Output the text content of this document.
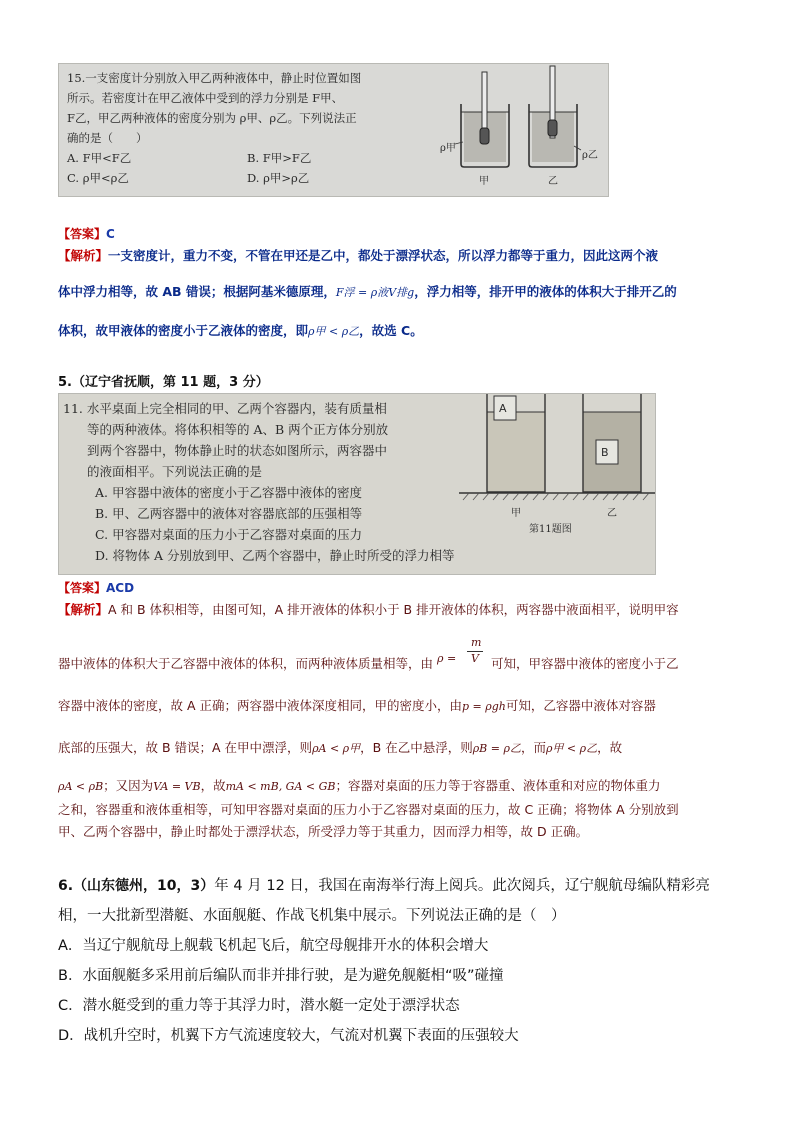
15.一支密度计分别放入甲乙两种液体中，静止时位置如图
所示。若密度计在甲乙液体中受到的浮力分别是 F甲、
F乙，甲乙两种液体的密度分别为 ρ甲、ρ乙。下列说法正
确的是（　　）
A. F甲<F乙	B. F甲>F乙
C. ρ甲<ρ乙	D. ρ甲>ρ乙
ρ甲
ρ乙
甲	乙
【答案】C
【解析】一支密度计，重力不变，不管在甲还是乙中，都处于漂浮状态，所以浮力都等于重力，因此这两个液
体中浮力相等，故 AB 错误；根据阿基米德原理，F浮 = ρ液V排g，浮力相等，排开甲的液体的体积大于排开乙的
体积，故甲液体的密度小于乙液体的密度，即ρ甲 < ρ乙，故选 C。
5.（辽宁省抚顺，第 11 题，3 分）
11. 水平桌面上完全相同的甲、乙两个容器内，装有质量相
等的两种液体。将体积相等的 A、B 两个正方体分别放
到两个容器中，物体静止时的状态如图所示，两容器中
的液面相平。下列说法正确的是
A. 甲容器中液体的密度小于乙容器中液体的密度
B. 甲、乙两容器中的液体对容器底部的压强相等
C. 甲容器对桌面的压力小于乙容器对桌面的压力
D. 将物体 A 分别放到甲、乙两个容器中，静止时所受的浮力相等
A
B
甲	乙
第11题图
【答案】ACD
【解析】A 和 B 体积相等，由图可知，A 排开液体的体积小于 B 排开液体的体积，两容器中液面相平，说明甲容
器中液体的体积大于乙容器中液体的体积，而两种液体质量相等，由 ρ =
m
V 可知，甲容器中液体的密度小于乙
容器中液体的密度，故 A 正确；两容器中液体深度相同，甲的密度小，由p = ρgh可知，乙容器中液体对容器
底部的压强大，故 B 错误；A 在甲中漂浮，则ρA < ρ甲，B 在乙中悬浮，则ρB = ρ乙，而ρ甲 < ρ乙，故
ρA < ρB；又因为VA = VB，故mA < mB, GA < GB；容器对桌面的压力等于容器重、液体重和对应的物体重力
之和，容器重和液体重相等，可知甲容器对桌面的压力小于乙容器对桌面的压力，故 C 正确；将物体 A 分别放到
甲、乙两个容器中，静止时都处于漂浮状态，所受浮力等于其重力，因而浮力相等，故 D 正确。
6.（山东德州，10，3）年 4 月 12 日，我国在南海举行海上阅兵。此次阅兵，辽宁舰航母编队精彩亮
相，一大批新型潜艇、水面舰艇、作战飞机集中展示。下列说法正确的是（　）
A．当辽宁舰航母上舰载飞机起飞后，航空母舰排开水的体积会增大
B．水面舰艇多采用前后编队而非并排行驶，是为避免舰艇相“吸”碰撞
C．潜水艇受到的重力等于其浮力时，潜水艇一定处于漂浮状态
D．战机升空时，机翼下方气流速度较大，气流对机翼下表面的压强较大
